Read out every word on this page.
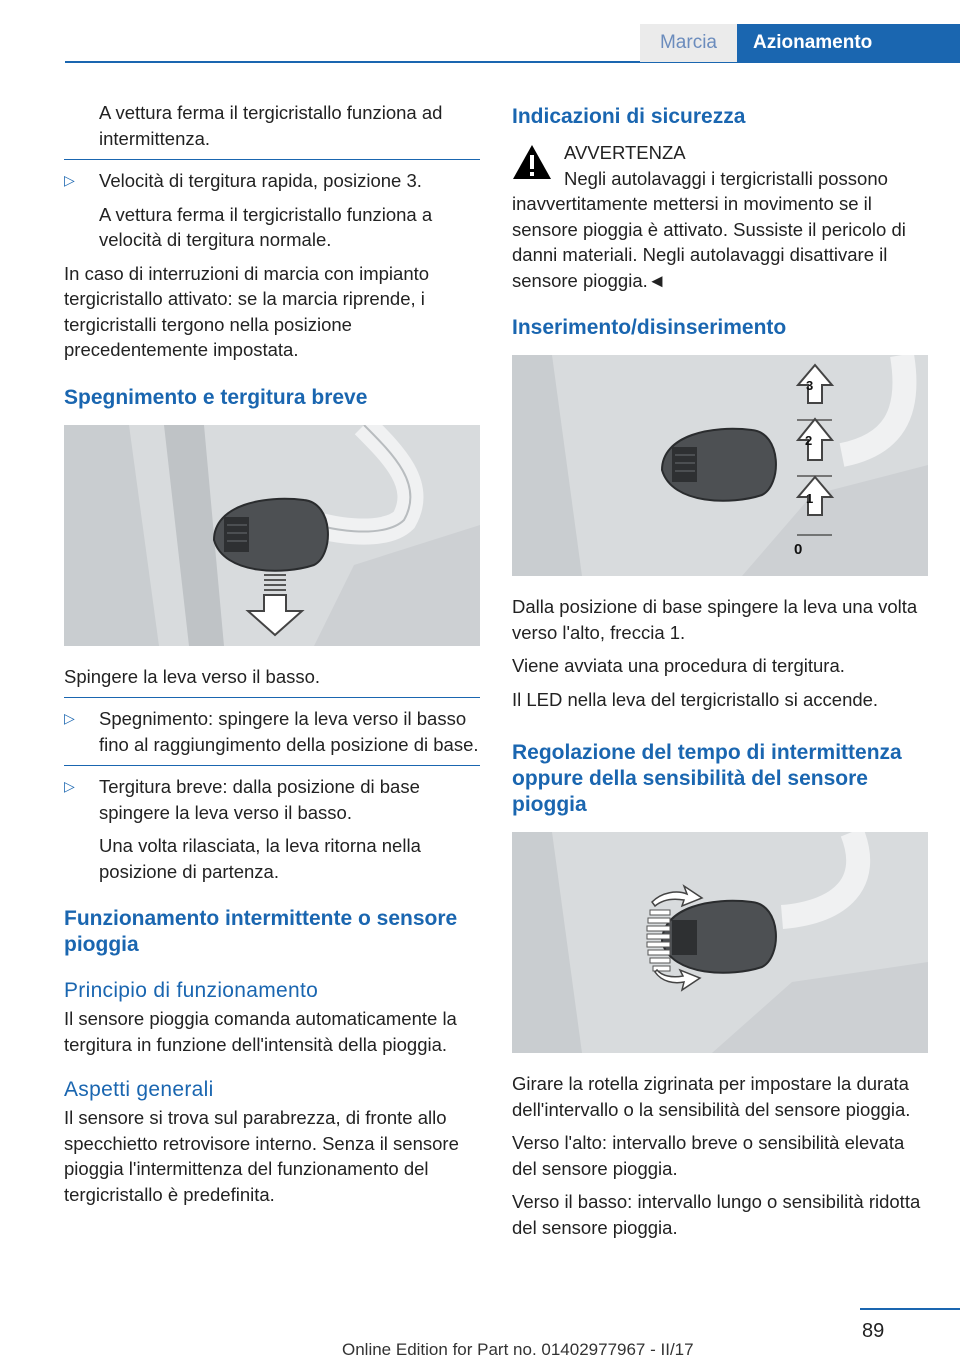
Marcia	Azionamento

A vettura ferma il tergicristallo funziona ad intermittenza.

▷ Velocità di tergitura rapida, posizione 3.

A vettura ferma il tergicristallo funziona a velocità di tergitura normale.

In caso di interruzioni di marcia con impianto tergicristallo attivato: se la marcia riprende, i tergicristalli tergono nella posizione precedentemente impostata.

Spegnimento e tergitura breve

Spingere la leva verso il basso.

▷ Spegnimento: spingere la leva verso il basso fino al raggiungimento della posizione di base.

▷ Tergitura breve: dalla posizione di base spingere la leva verso il basso.

Una volta rilasciata, la leva ritorna nella posizione di partenza.

Funzionamento intermittente o sensore pioggia
Principio di funzionamento

Il sensore pioggia comanda automaticamente la tergitura in funzione dell'intensità della pioggia.

Aspetti generali

Il sensore si trova sul parabrezza, di fronte allo specchietto retrovisore interno. Senza il sensore pioggia l'intermittenza del funzionamento del tergicristallo è predefinita.

Indicazioni di sicurezza

AVVERTENZA

Negli autolavaggi i tergicristalli possono inavvertitamente mettersi in movimento se il sensore pioggia è attivato. Sussiste il pericolo di danni materiali. Negli autolavaggi disattivare il sensore pioggia.◄

Inserimento/disinserimento
3
2
1
0

Dalla posizione di base spingere la leva una volta verso l'alto, freccia 1.

Viene avviata una procedura di tergitura.

Il LED nella leva del tergicristallo si accende.

Regolazione del tempo di intermittenza oppure della sensibilità del sensore pioggia

Girare la rotella zigrinata per impostare la durata dell'intervallo o la sensibilità del sensore pioggia.

Verso l'alto: intervallo breve o sensibilità elevata del sensore pioggia.

Verso il basso: intervallo lungo o sensibilità ridotta del sensore pioggia.

89
Online Edition for Part no. 01402977967 - II/17
